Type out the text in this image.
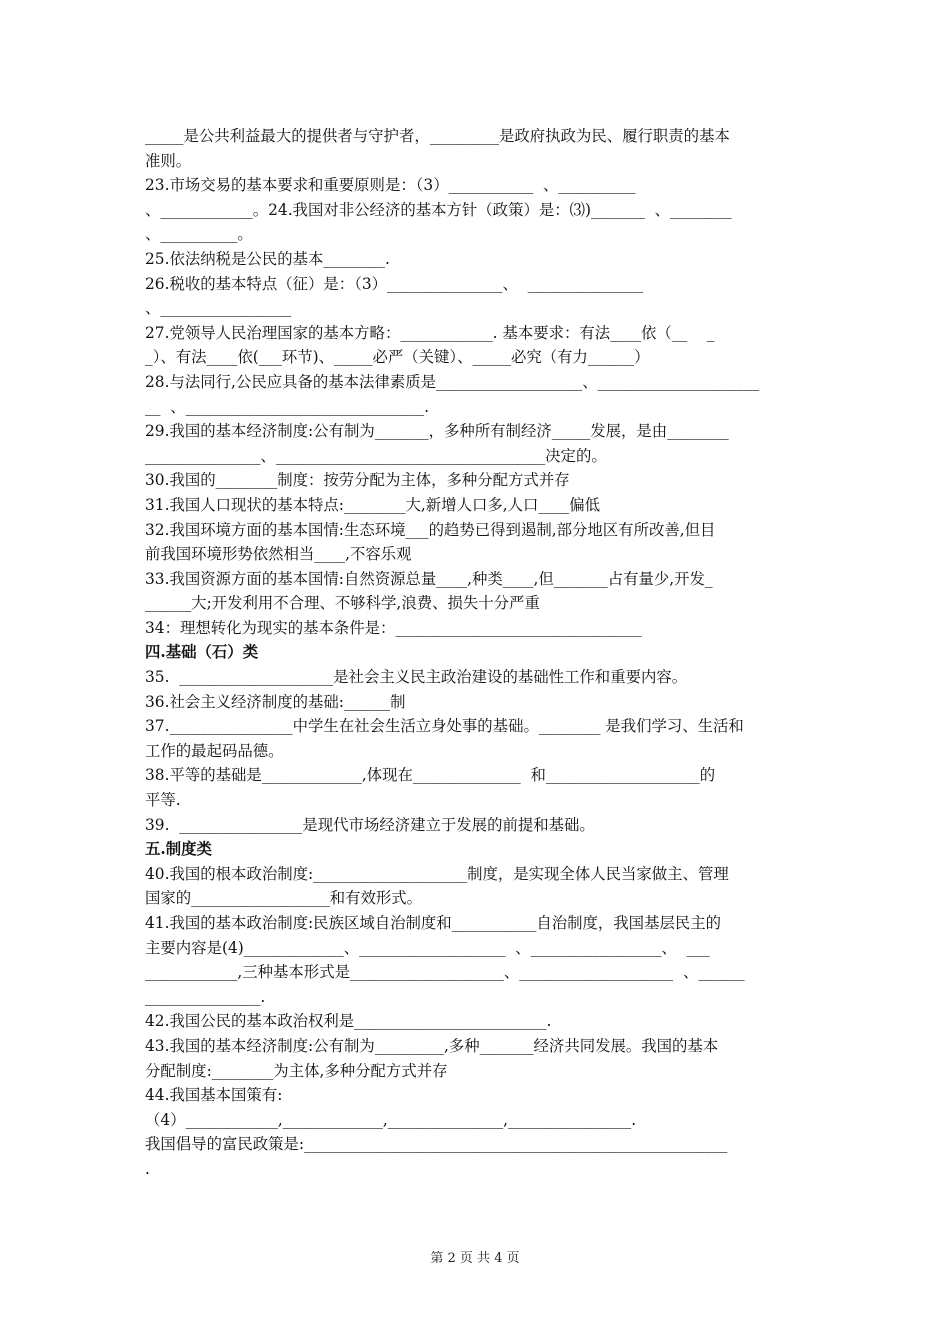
_____是公共利益最大的提供者与守护者，_________是政府执政为民、履行职责的基本

准则。

23.市场交易的基本要求和重要原则是：（3）___________  、__________

、____________。24.我国对非公经济的基本方针（政策）是：⑶)_______  、________

、__________。

25.依法纳税是公民的基本________.

26.税收的基本特点（征）是：（3）_______________、  _______________

、_________________

27.党领导人民治理国家的基本方略：____________. 基本要求：有法____依（__    _

_）、有法____依(___环节)、_____必严（关键）、_____必究（有力______）

28.与法同行,公民应具备的基本法律素质是___________________、_____________________

__  、_______________________________.

29.我国的基本经济制度:公有制为_______，多种所有制经济_____发展，是由________

_______________、___________________________________决定的。

30.我国的________制度：按劳分配为主体，多种分配方式并存

31.我国人口现状的基本特点:________大,新增人口多,人口____偏低

32.我国环境方面的基本国情:生态环境___的趋势已得到遏制,部分地区有所改善,但目

前我国环境形势依然相当____,不容乐观

33.我国资源方面的基本国情:自然资源总量____,种类____,但_______占有量少,开发_

______大;开发利用不合理、不够科学,浪费、损失十分严重

34：理想转化为现实的基本条件是：________________________________

四.基础（石）类

35.  ____________________是社会主义民主政治建设的基础性工作和重要内容。

36.社会主义经济制度的基础:______制

37.________________中学生在社会生活立身处事的基础。________ 是我们学习、生活和

工作的最起码品德。

38.平等的基础是_____________,体现在______________  和____________________的

平等.

39.  ________________是现代市场经济建立于发展的前提和基础。

五.制度类

40.我国的根本政治制度:____________________制度，是实现全体人民当家做主、管理

国家的__________________和有效形式。

41.我国的基本政治制度:民族区域自治制度和___________自治制度，我国基层民主的

主要内容是(4)_____________、___________________  、_________________、  ___

____________,三种基本形式是____________________、____________________  、______

_______________.

42.我国公民的基本政治权利是_________________________.

43.我国的基本经济制度:公有制为_________,多种_______经济共同发展。我国的基本

分配制度:________为主体,多种分配方式并存

44.我国基本国策有:

（4）____________,_____________,_______________,________________.

我国倡导的富民政策是:_______________________________________________________

.

第 2 页 共 4 页
